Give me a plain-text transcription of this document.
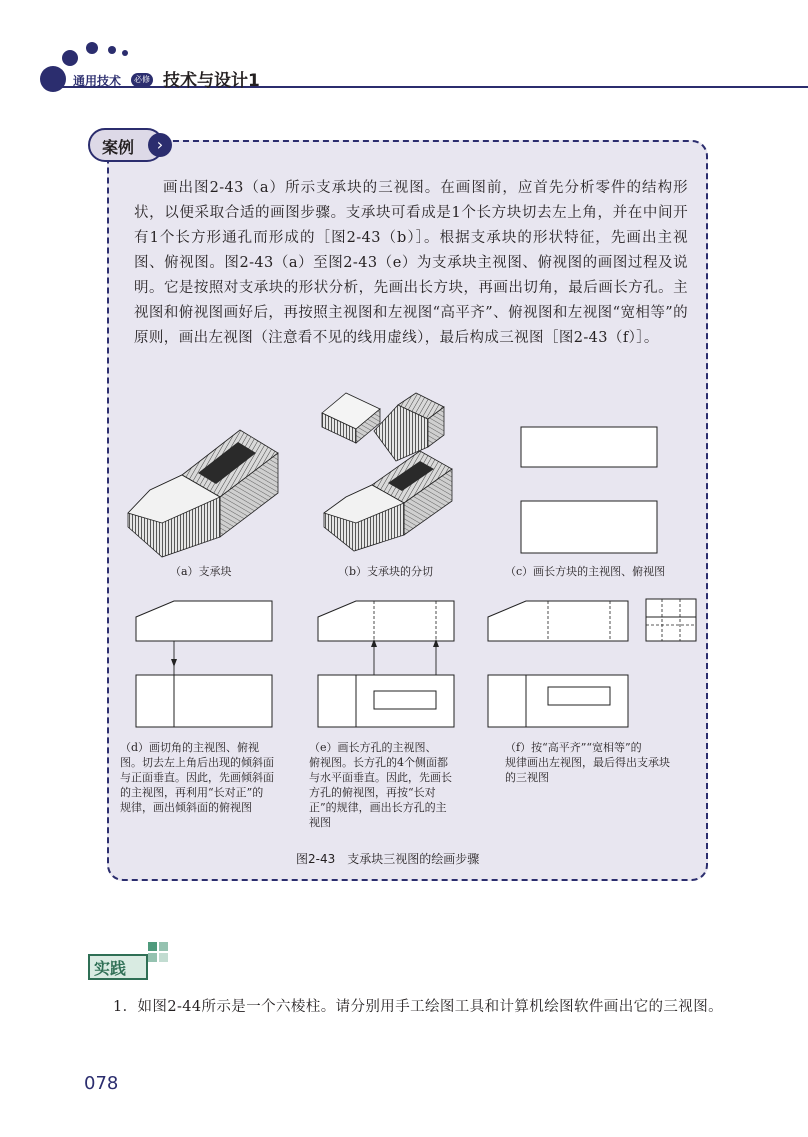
通用技术	必修 技术与设计1
案例	›

画出图2-43（a）所示支承块的三视图。在画图前，应首先分析零件的结构形状，以便采取合适的画图步骤。支承块可看成是1个长方块切去左上角，并在中间开有1个长方形通孔而形成的［图2-43（b）］。根据支承块的形状特征，先画出主视图、俯视图。图2-43（a）至图2-43（e）为支承块主视图、俯视图的画图过程及说明。它是按照对支承块的形状分析，先画出长方块，再画出切角，最后画长方孔。主视图和俯视图画好后，再按照主视图和左视图“高平齐”、俯视图和左视图“宽相等”的原则，画出左视图（注意看不见的线用虚线），最后构成三视图［图2-43（f）］。

（a）支承块	（b）支承块的分切	（c）画长方块的主视图、俯视图
（d）画切角的主视图、俯视
图。切去左上角后出现的倾斜面
与正面垂直。因此，先画倾斜面
的主视图，再利用“长对正”的
规律，画出倾斜面的俯视图
（e）画长方孔的主视图、
俯视图。长方孔的4个侧面都
与水平面垂直。因此，先画长
方孔的俯视图，再按“长对
正”的规律，画出长方孔的主
视图
（f）按“高平齐”“宽相等”的
规律画出左视图，最后得出支承块
的三视图
图2-43　支承块三视图的绘画步骤
实践

1．如图2-44所示是一个六棱柱。请分别用手工绘图工具和计算机绘图软件画出它的三视图。

078
